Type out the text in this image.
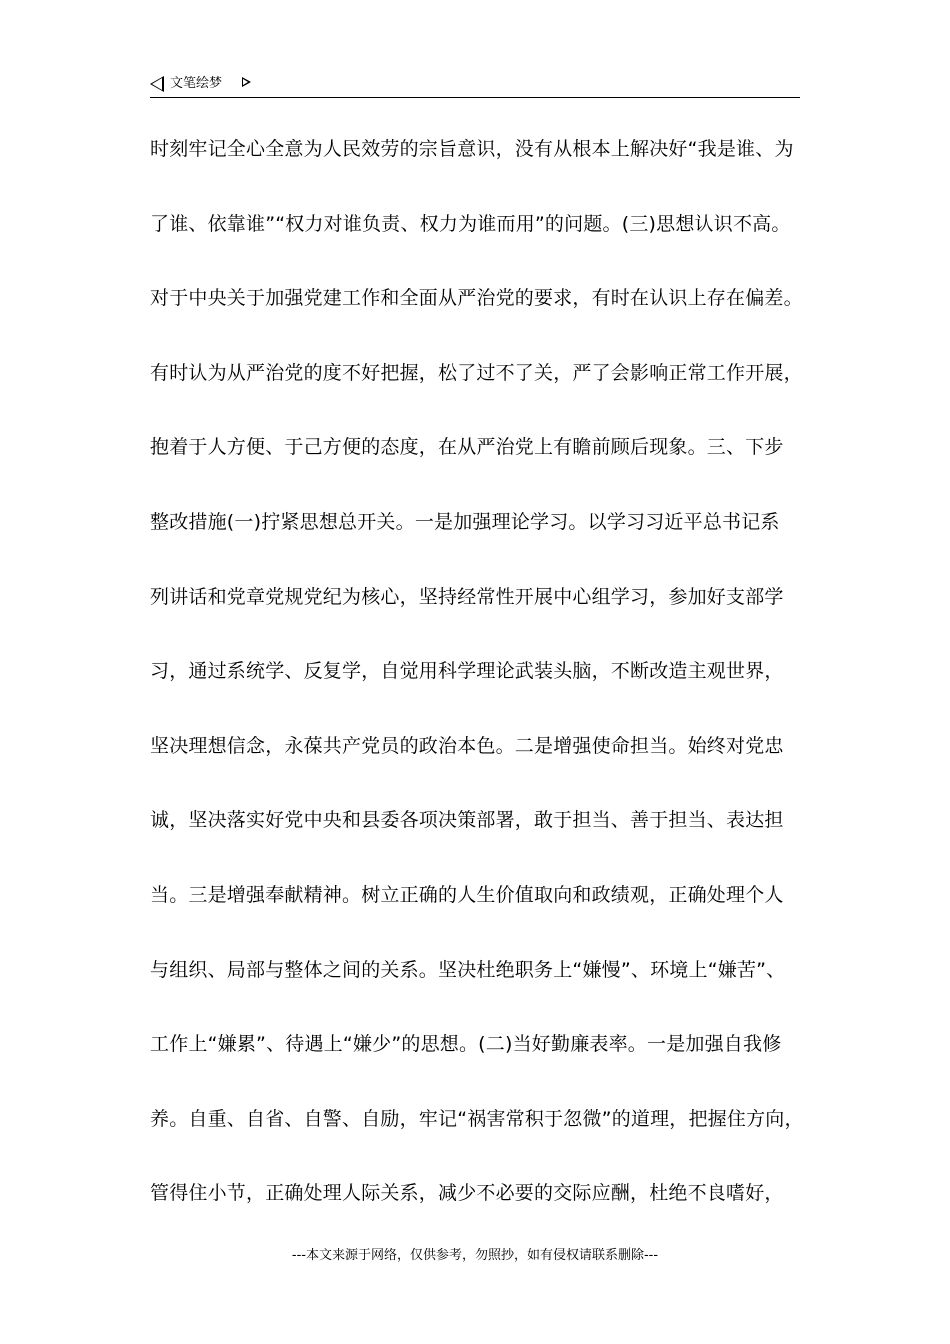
文笔绘梦
时刻牢记全心全意为人民效劳的宗旨意识，没有从根本上解决好“我是谁、为
了谁、依靠谁”“权力对谁负责、权力为谁而用”的问题。(三)思想认识不高。
对于中央关于加强党建工作和全面从严治党的要求，有时在认识上存在偏差。
有时认为从严治党的度不好把握，松了过不了关，严了会影响正常工作开展，
抱着于人方便、于己方便的态度，在从严治党上有瞻前顾后现象。三、下步
整改措施(一)拧紧思想总开关。一是加强理论学习。以学习习近平总书记系
列讲话和党章党规党纪为核心，坚持经常性开展中心组学习，参加好支部学
习，通过系统学、反复学，自觉用科学理论武装头脑，不断改造主观世界，
坚决理想信念，永葆共产党员的政治本色。二是增强使命担当。始终对党忠
诚，坚决落实好党中央和县委各项决策部署，敢于担当、善于担当、表达担
当。三是增强奉献精神。树立正确的人生价值取向和政绩观，正确处理个人
与组织、局部与整体之间的关系。坚决杜绝职务上“嫌慢”、环境上“嫌苦”、
工作上“嫌累”、待遇上“嫌少”的思想。(二)当好勤廉表率。一是加强自我修
养。自重、自省、自警、自励，牢记“祸害常积于忽微”的道理，把握住方向，
管得住小节，正确处理人际关系，减少不必要的交际应酬，杜绝不良嗜好，
---本文来源于网络，仅供参考，勿照抄，如有侵权请联系删除---
